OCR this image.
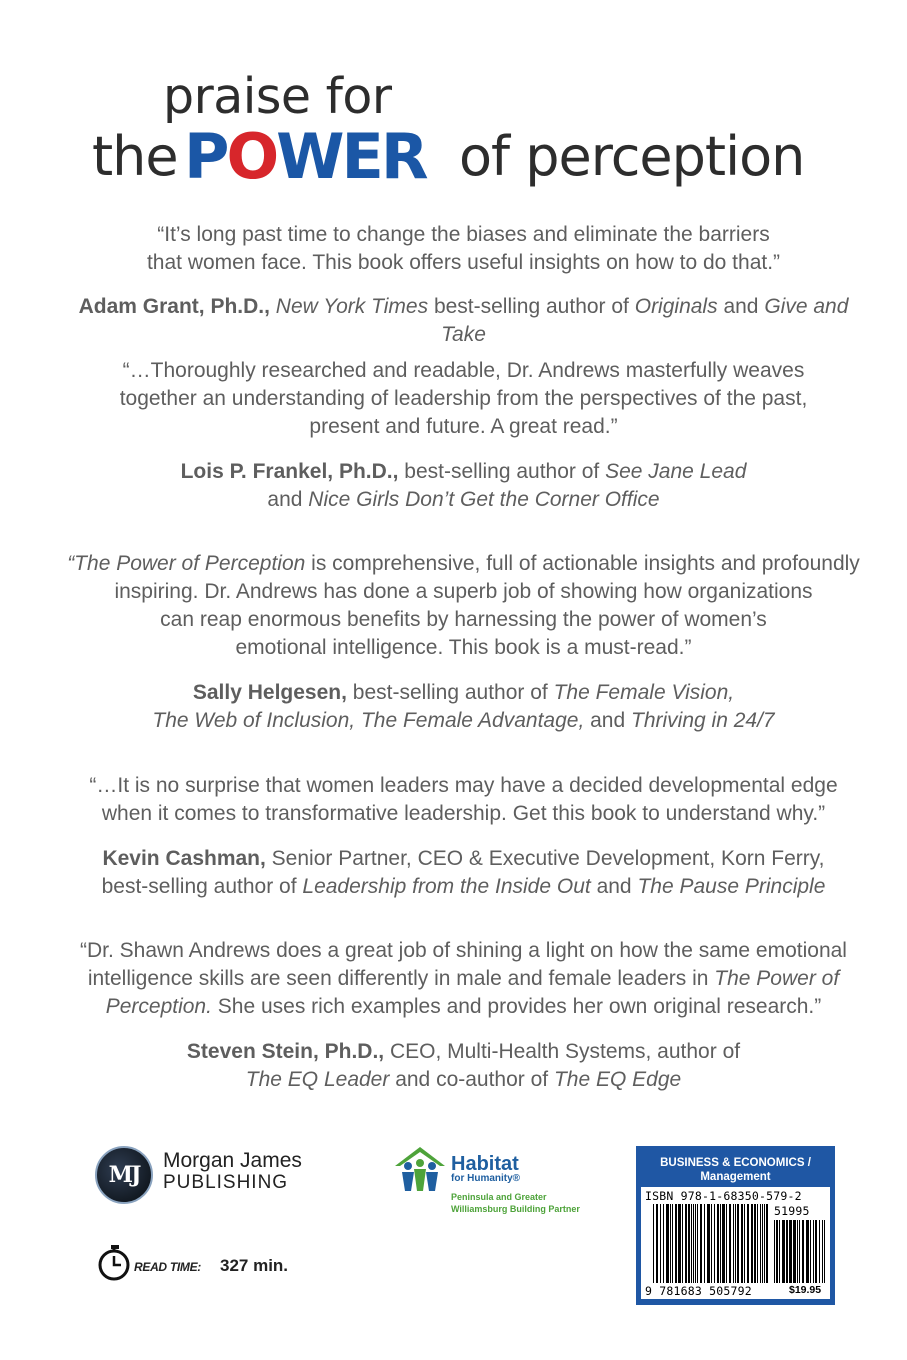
praise for
the POWER of perception
“It’s long past time to change the biases and eliminate the barriers
that women face. This book offers useful insights on how to do that.”
Adam Grant, Ph.D., New York Times best-selling author of Originals and Give and Take
“…Thoroughly researched and readable, Dr. Andrews masterfully weaves
together an understanding of leadership from the perspectives of the past,
present and future. A great read.”
Lois P. Frankel, Ph.D., best-selling author of See Jane Lead
and Nice Girls Don’t Get the Corner Office
“The Power of Perception is comprehensive, full of actionable insights and profoundly
inspiring. Dr. Andrews has done a superb job of showing how organizations
can reap enormous benefits by harnessing the power of women’s
emotional intelligence. This book is a must-read.”
Sally Helgesen, best-selling author of The Female Vision,
The Web of Inclusion, The Female Advantage, and Thriving in 24/7
“…It is no surprise that women leaders may have a decided developmental edge
when it comes to transformative leadership. Get this book to understand why.”
Kevin Cashman, Senior Partner, CEO & Executive Development, Korn Ferry,
best-selling author of Leadership from the Inside Out and The Pause Principle
“Dr. Shawn Andrews does a great job of shining a light on how the same emotional
intelligence skills are seen differently in male and female leaders in The Power of
Perception. She uses rich examples and provides her own original research.”
Steven Stein, Ph.D., CEO, Multi-Health Systems, author of
The EQ Leader and co-author of The EQ Edge
MJ
Morgan James
PUBLISHING
Habitat
for Humanity®
Peninsula and Greater
Williamsburg Building Partner
READ TIME: 327 min.
BUSINESS & ECONOMICS /
Management
ISBN 978-1-68350-579-2
51995
9 781683 505792	$19.95
